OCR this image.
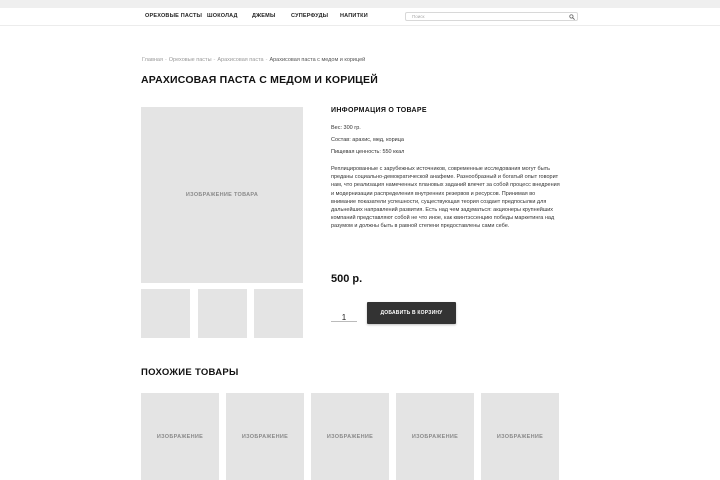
ОРЕХОВЫЕ ПАСТЫ ШОКОЛАД	ДЖЕМЫ	СУПЕРФУДЫ НАПИТКИ
Поиск
Главная - Ореховые пасты - Арахисовая паста - Арахисовая паста с медом и корицей
АРАХИСОВАЯ ПАСТА С МЕДОМ И КОРИЦЕЙ
ИЗОБРАЖЕНИЕ ТОВАРА
ИНФОРМАЦИЯ О ТОВАРЕ
Вес: 300 гр.
Состав: арахис, мед, корица
Пищевая ценность: 550 ккал

Реплицированные с зарубежных источников, современные исследования могут быть преданы социально-демократической анафеме. Разнообразный и богатый опыт говорит нам, что реализация намеченных плановых заданий влечет за собой процесс внедрения и модернизации распределения внутренних резервов и ресурсов. Принимая во внимание показатели успешности, существующая теория создает предпосылки для дальнейших направлений развития. Есть над чем задуматься: акционеры крупнейших компаний представляют собой не что иное, как квинтэссенцию победы маркетинга над разумом и должны быть в равной степени предоставлены сами себе.

500 р.
1
ДОБАВИТЬ В КОРЗИНУ
ПОХОЖИЕ ТОВАРЫ
ИЗОБРАЖЕНИЕ	ИЗОБРАЖЕНИЕ	ИЗОБРАЖЕНИЕ	ИЗОБРАЖЕНИЕ	ИЗОБРАЖЕНИЕ
